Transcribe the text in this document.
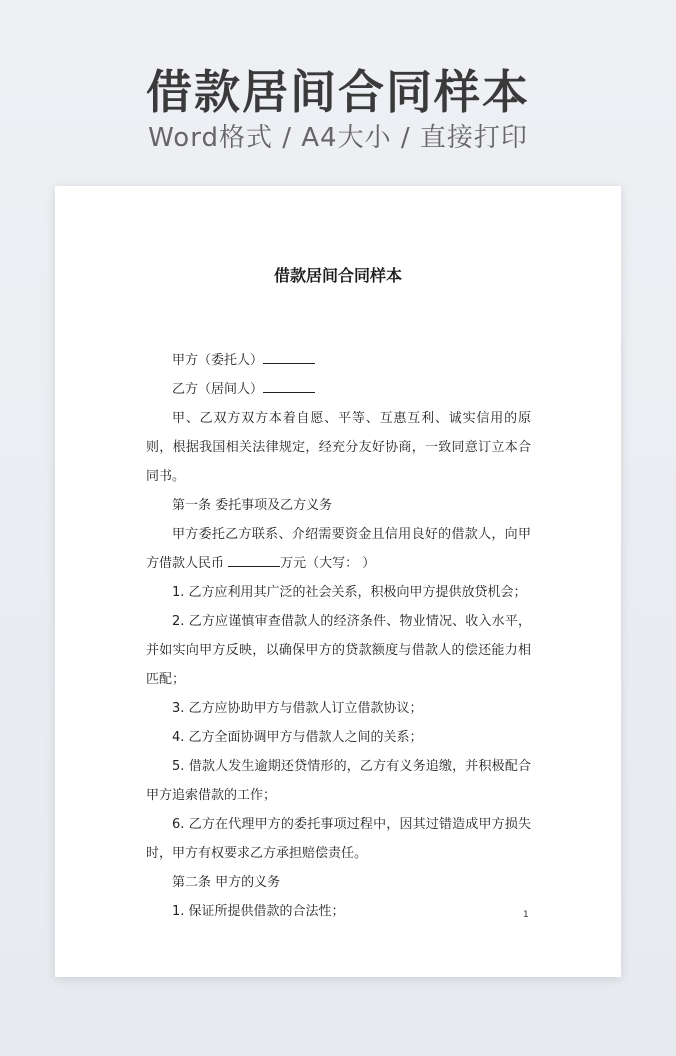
借款居间合同样本
Word格式 / A4大小 / 直接打印
借款居间合同样本

甲方（委托人）

乙方（居间人）

甲、乙双方双方本着自愿、平等、互惠互利、诚实信用的原则，根据我国相关法律规定，经充分友好协商，一致同意订立本合同书。

第一条 委托事项及乙方义务

甲方委托乙方联系、介绍需要资金且信用良好的借款人，向甲方借款人民币	万元（大写： ）

1. 乙方应利用其广泛的社会关系，积极向甲方提供放贷机会；

2. 乙方应谨慎审查借款人的经济条件、物业情况、收入水平，并如实向甲方反映，以确保甲方的贷款额度与借款人的偿还能力相匹配；

3. 乙方应协助甲方与借款人订立借款协议；

4. 乙方全面协调甲方与借款人之间的关系；

5. 借款人发生逾期还贷情形的，乙方有义务追缴，并积极配合甲方追索借款的工作；

6. 乙方在代理甲方的委托事项过程中，因其过错造成甲方损失时，甲方有权要求乙方承担赔偿责任。

第二条 甲方的义务

1. 保证所提供借款的合法性；	1
